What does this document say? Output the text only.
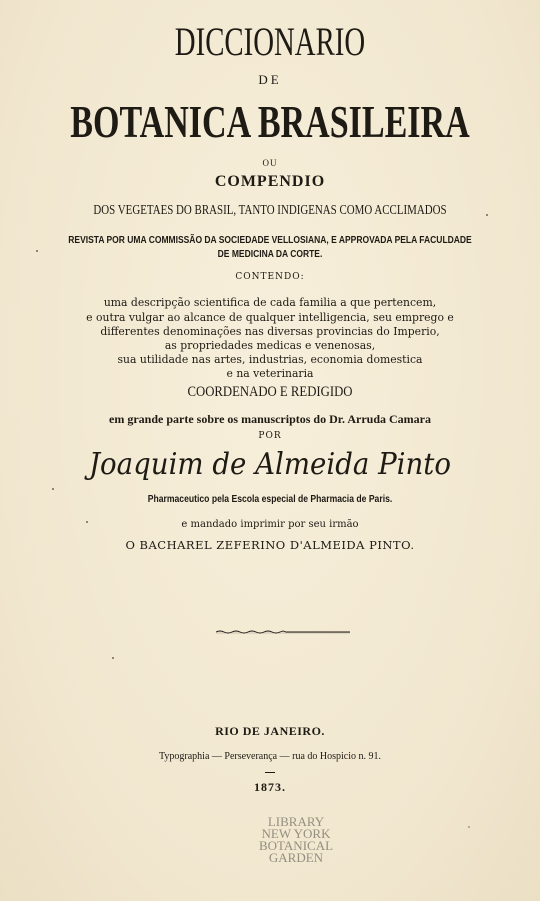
DICCIONARIO
DE
BOTANICA BRASILEIRA
OU
COMPENDIO
DOS VEGETAES DO BRASIL, TANTO INDIGENAS COMO ACCLIMADOS
REVISTA POR UMA COMMISSÃO DA SOCIEDADE VELLOSIANA, E APPROVADA PELA FACULDADE
DE MEDICINA DA CORTE.
CONTENDO:
uma descripção scientifica de cada familia a que pertencem,
e outra vulgar ao alcance de qualquer intelligencia, seu emprego e
differentes denominações nas diversas provincias do Imperio,
as propriedades medicas e venenosas,
sua utilidade nas artes, industrias, economia domestica
e na veterinaria
COORDENADO E REDIGIDO
em grande parte sobre os manuscriptos do Dr. Arruda Camara
POR
Joaquim de Almeida Pinto
Pharmaceutico pela Escola especial de Pharmacia de Paris.
e mandado imprimir por seu irmão
O BACHAREL ZEFERINO D'ALMEIDA PINTO.
RIO DE JANEIRO.
Typographia — Perseverança — rua do Hospicio n. 91.
1873.
LIBRARY
NEW YORK
BOTANICAL
GARDEN
